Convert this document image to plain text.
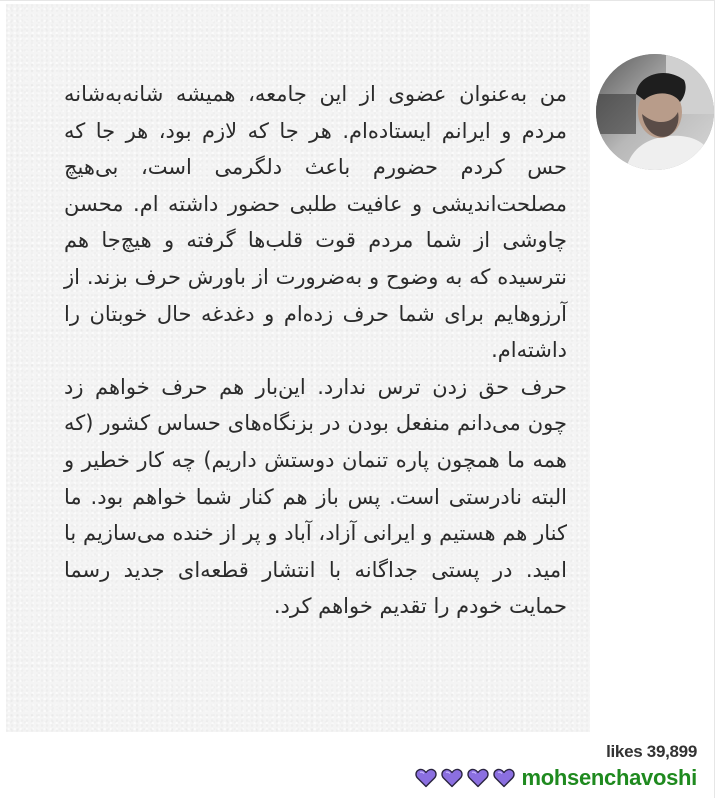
من به‌عنوان عضوی از این جامعه، همیشه شانه‌به‌شانه مردم و ایرانم ایستاده‌ام. هر جا که لازم بود، هر جا که حس کردم حضورم باعث دلگرمی است، بی‌هیچ مصلحت‌اندیشی و عافیت طلبی حضور داشته ام. محسن چاوشی از شما مردم قوت قلب‌ها گرفته و هیچ‌جا هم نترسیده که به وضوح و به‌ضرورت از باورش حرف بزند. از آرزوهایم برای شما حرف زده‌ام و دغدغه حال خوبتان را داشته‌ام.

حرف حق زدن ترس ندارد. این‌بار هم حرف خواهم زد چون می‌دانم منفعل بودن در بزنگاه‌های حساس کشور (که همه ما همچون پاره تنمان دوستش داریم) چه کار خطیر و البته نادرستی است. پس باز هم کنار شما خواهم بود. ما کنار هم هستیم و ایرانی آزاد، آباد و پر از خنده می‌سازیم با امید. در پستی جداگانه با انتشار قطعه‌ای جدید رسما حمایت خودم را تقدیم خواهم کرد.

likes 39,899
mohsenchavoshi
